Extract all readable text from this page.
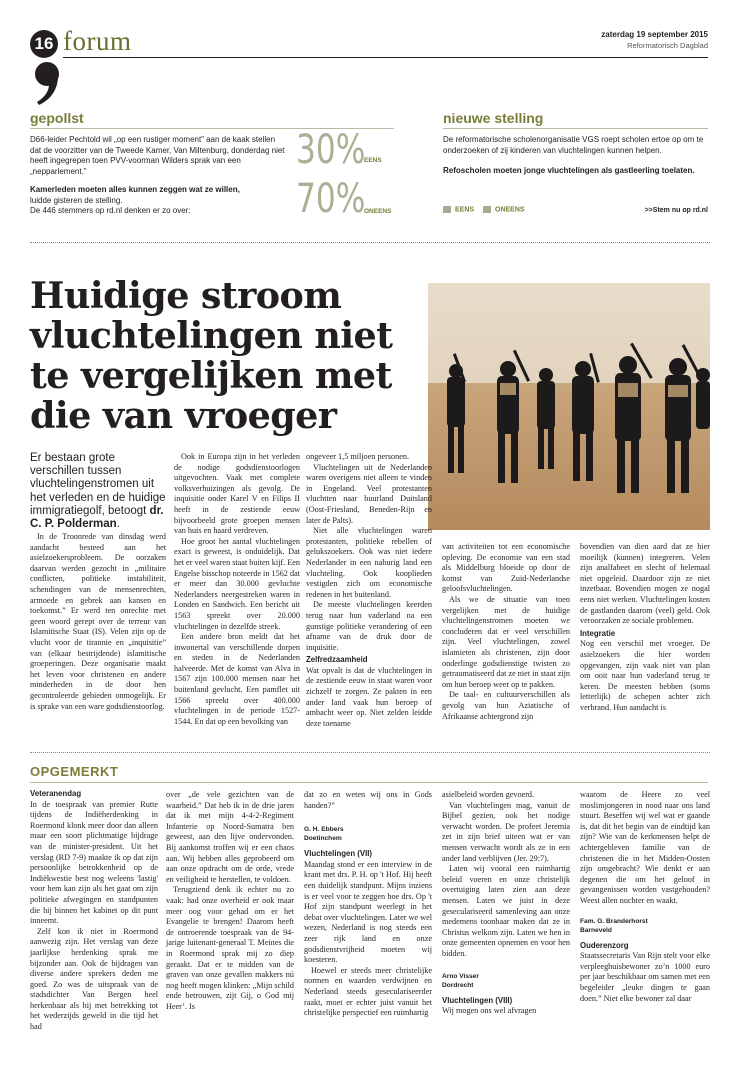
16 forum	zaterdag 19 september 2015
Reformatorisch Dagblad
gepollst
D66-leider Pechtold wil „op een rustiger moment” aan de kaak stellen dat de voorzitter van de Tweede Kamer, Van Miltenburg, donderdag niet heeft ingegrepen toen PVV-voorman Wilders sprak van een „nepparlement.”
Kamerleden moeten alles kunnen zeggen wat ze willen,
luidde gisteren de stelling.
De 446 stemmers op rd.nl denken er zo over:
30%
EENS
70%
ONEENS
nieuwe stelling
De reformatorische scholenorganisatie VGS roept scholen ertoe op om te onderzoeken of zij kinderen van vluchtelingen kunnen helpen.
Refoscholen moeten jonge vluchtelingen als gastleerling toelaten.
EENS	ONEENS	>>Stem nu op rd.nl
Huidige stroom vluchtelingen niet te vergelijken met die van vroeger
Er bestaan grote verschillen tussen vluchtelingenstromen uit het verleden en de huidige immigratiegolf, betoogt dr. C. P. Polderman.

In de Troonrede van dinsdag werd aandacht besteed aan het asielzoekersprobleem. De oorzaken daarvan werden gezocht in „militaire conflicten, politieke instabiliteit, schendingen van de mensenrechten, armoede en gebrek aan kansen en toekomst.” Er werd ten onrechte met geen woord gerept over de terreur van Islamitische Staat (IS). Velen zijn op de vlucht voor de tirannie en „inquisitie” van (elkaar bestrijdende) islamitische groeperingen. Deze organisatie maakt het leven voor christenen en andere minderheden in de door hen gecontroleerde gebieden onmogelijk. Er is sprake van een ware godsdienstoorlog.

Ook in Europa zijn in het verleden de nodige godsdienstoorlogen uitgevochten. Vaak met complete volksverhuizingen als gevolg. De inquisitie onder Karel V en Filips II heeft in de zestiende eeuw bijvoorbeeld grote groepen mensen van huis en haard verdreven.

Hoe groot het aantal vluchtelingen exact is geweest, is onduidelijk. Dat het er veel waren staat buiten kijf. Een Engelse bisschop noteerde in 1562 dat er meer dan 30.000 gevluchte Nederlanders neergestreken waren in Londen en Sandwich. Een bericht uit 1563 spreekt over 20.000 vluchtelingen in dezelfde streek.

Een andere bron meldt dat het inwonertal van verschillende dorpen en steden in de Nederlanden halveerde. Met de komst van Alva in 1567 zijn 100.000 mensen naar het buitenland gevlucht. Een pamflet uit 1566 spreekt over 400.000 vluchtelingen in de periode 1527-1544. En dat op een bevolking van

ongeveer 1,5 miljoen personen.

Vluchtelingen uit de Nederlanden waren overigens niet alleen te vinden in Engeland. Veel protestanten vluchtten naar buurland Duitsland (Oost-Friesland, Beneden-Rijn en later de Palts).

Niet alle vluchtelingen waren protestanten, politieke rebellen of gelukszoekers. Ook was niet iedere Nederlander in een naburig land een vluchteling. Ook kooplieden vestigden zich om economische redenen in het buitenland.

De meeste vluchtelingen keerden terug naar hun vaderland na een gunstige politieke verandering of een afname van de druk door de inquisitie.

Zelfredzaamheid

Wat opvalt is dat de vluchtelingen in de zestiende eeuw in staat waren voor zichzelf te zorgen. Ze pakten in een ander land vaak hun beroep of ambacht weer op. Niet zelden leidde deze toename

van activiteiten tot een economische opleving. De economie van een stad als Middelburg bloeide op door de komst van Zuid-Nederlandse geloofsvluchtelingen.

Als we de situatie van toen vergelijken met de huidige vluchtelingenstromen moeten we concluderen dat er veel verschillen zijn. Veel vluchtelingen, zowel islamieten als christenen, zijn door onderlinge godsdienstige twisten zo getraumatiseerd dat ze niet in staat zijn om hun beroep weer op te pakken.

De taal- en cultuurverschillen als gevolg van hun Aziatische of Afrikaanse achtergrond zijn

bovendien van dien aard dat ze hier moeilijk (kunnen) integreren. Velen zijn analfabeet en slecht of helemaal niet opgeleid. Daardoor zijn ze niet inzetbaar. Bovendien mogen ze nogal eens niet werken. Vluchtelingen kosten de gastlanden daarom (veel) geld. Ook veroorzaken ze sociale problemen.

Integratie

Nog een verschil met vroeger. De asielzoekers die hier worden opgevangen, zijn vaak niet van plan om ooit naar hun vaderland terug te keren. De meesten hebben (soms letterlijk) de schepen achter zich verbrand. Hun aandacht is

OPGEMERKT
Veteranendag

In de toespraak van premier Rutte tijdens de Indiëherdenking in Roermond klonk meer door dan alleen maar een soort plichtmatige bijdrage van de minister-president. Uit het verslag (RD 7-9) maakte ik op dat zijn persoonlijke betrokkenheid op de Indiëkwestie best nog weleens 'lastig' voor hem kan zijn als het gaat om zijn politieke afwegingen en standpunten die hij binnen het kabinet op dit punt inneemt.

Zelf kon ik niet in Roermond aanwezig zijn. Het verslag van deze jaarlijkse herdenking sprak me bijzonder aan. Ook de bijdragen van diverse andere sprekers deden me goed. Zo was de uitspraak van de stadsdichter Van Bergen heel herkenbaar als hij met betrekking tot het wederzijds geweld in die tijd het had

over „de vele gezichten van de waarheid.” Dat heb ik in de drie jaren dat ik met mijn 4-4-2-Regiment Infanterie op Noord-Sumatra ben geweest, aan den lijve ondervonden. Bij aankomst troffen wij er een chaos aan. Wij hebben alles geprobeerd om aan onze opdracht om de orde, vrede en veiligheid te herstellen, te voldoen.

Terugziend denk ik echter nu zo vaak: had onze overheid er ook maar meer oog voor gehad om er het Evangelie te brengen! Daarom heeft de ontroerende toespraak van de 94-jarige luitenant-generaal T. Meines die in Roermond sprak mij zo diep geraakt. Dat er te midden van de graven van onze gevallen makkers nú nog heeft mogen klinken: „Mijn schild ende betrouwen, zijt Gij, o God mij Heer’. Is

dat zo en weten wij ons in Gods handen?”

G. H. Ebbers
Doetinchem
Vluchtelingen (VII)

Maandag stond er een interview in de krant met drs. P. H. op 't Hof. Hij heeft een duidelijk standpunt. Mijns inziens is er veel voor te zeggen hoe drs. Op 't Hof zijn standpunt weerlegt in het debat over vluchtelingen. Later we wel wezen, Nederland is nog steeds een zeer rijk land en onze godsdienstvrijheid moeten wij koesteren.

Hoewel er steeds meer christelijke normen en waarden verdwijnen en Nederland steeds geseculariseerder raakt, moet er echter juist vanuit het christelijke perspectief een ruimhartig

asielbeleid worden gevoerd.

Van vluchtelingen mag, vanuit de Bijbel gezien, ook het nodige verwacht worden. De profeet Jeremia zet in zijn brief uiteen wat er van mensen verwacht wordt als ze in een ander land verblijven (Jer. 29:7).

Laten wij vooral een ruimhartig beleid voeren en onze christelijk overtuiging laten zien aan deze mensen. Laten we juist in deze geseculariseerd samenleving aan onze medemens toonbaar maken dat ze in Christus welkom zijn. Laten we hen in onze gemeenten opnemen en voor hen bidden.

Arno Visser
Dordrecht
Vluchtelingen (VIII)

Wij mogen ons wel afvragen

waarom de Heere zo veel moslimjongeren in nood naar ons land stuurt. Beseffen wij wel wat er gaande is, dat dit het begin van de eindtijd kan zijn? Wie van de kerkmensen helpt de achtergebleven familie van de christenen die in het Midden-Oosten zijn omgebracht? Wie denkt er aan degenen die om het geloof in gevangenissen worden vastgehouden? Weest allen nuchter en waakt.

Fam. G. Branderhorst
Barneveld
Ouderenzorg

Staatssecretaris Van Rijn stelt voor elke verpleeghuisbewoner zo’n 1000 euro per jaar beschikbaar om samen met een begeleider „leuke dingen te gaan doen.” Niet elke bewoner zal daar
